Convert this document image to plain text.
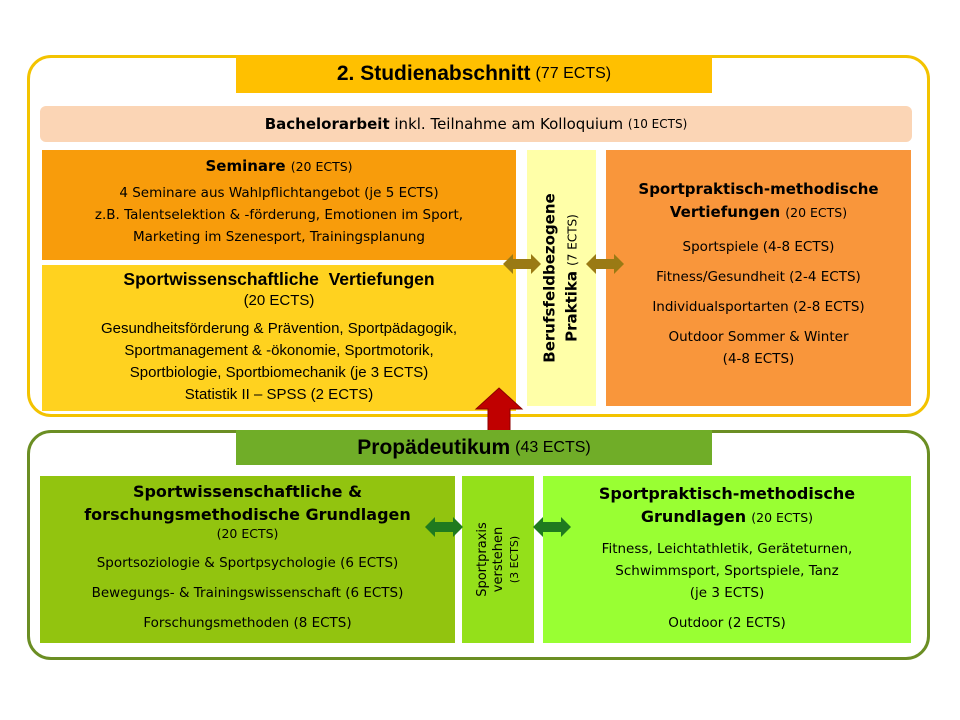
2. Studienabschnitt (77 ECTS)
Bachelorarbeit inkl. Teilnahme am Kolloquium (10 ECTS)
Seminare (20 ECTS)
4 Seminare aus Wahlpflichtangebot (je 5 ECTS)
z.B. Talentselektion & -förderung, Emotionen im Sport,
Marketing im Szenesport, Trainingsplanung
Sportwissenschaftliche  Vertiefungen
(20 ECTS)
Gesundheitsförderung & Prävention, Sportpädagogik,
Sportmanagement & -ökonomie, Sportmotorik,
Sportbiologie, Sportbiomechanik (je 3 ECTS)
Statistik II – SPSS (2 ECTS)
Berufsfeldbezogene Praktika (7 ECTS)
Sportpraktisch-methodische
Vertiefungen (20 ECTS)
Sportspiele (4-8 ECTS)
Fitness/Gesundheit (2-4 ECTS)
Individualsportarten (2-8 ECTS)
Outdoor Sommer & Winter
(4-8 ECTS)
Propädeutikum (43 ECTS)
Sportwissenschaftliche &
forschungsmethodische Grundlagen
(20 ECTS)
Sportsoziologie & Sportpsychologie (6 ECTS)
Bewegungs- & Trainingswissenschaft (6 ECTS)
Forschungsmethoden (8 ECTS)
Sportpraxis verstehen (3 ECTS)
Sportpraktisch-methodische
Grundlagen (20 ECTS)
Fitness, Leichtathletik, Geräteturnen,
Schwimmsport, Sportspiele, Tanz
(je 3 ECTS)
Outdoor (2 ECTS)
